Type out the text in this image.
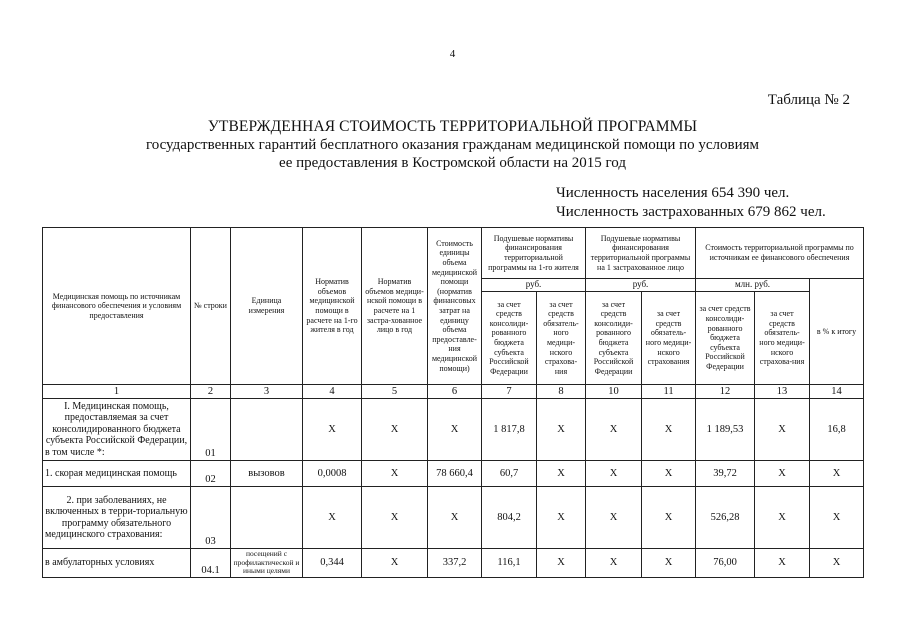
4
Таблица № 2
УТВЕРЖДЕННАЯ СТОИМОСТЬ ТЕРРИТОРИАЛЬНОЙ ПРОГРАММЫ
государственных гарантий бесплатного оказания гражданам медицинской помощи по условиям
ее предоставления в Костромской области на 2015 год
Численность населения 654 390 чел.
Численность застрахованных 679 862 чел.
Медицинская помощь по источникам финансового обеспечения и условиям предоставления	№ строки	Единица измерения	Норматив объемов медицинской помощи в расчете на 1-го жителя в год	Норматив объемов медици-нской помощи в расчете на 1 застра-хованное лицо в год	Стоимость единицы объема медицинской помощи (норматив финансовых затрат на единицу объема предоставле-ния медицинской помощи)	Подушевые нормативы финансирования территориальной программы на 1-го жителя		Подушевые нормативы финансирования территориальной программы на 1 застрахованное лицо		Стоимость территориальной программы по источникам ее финансового обеспечения		
						руб.		руб.		млн. руб.		в % к итогу
						за счет средств консолиди-рованного бюджета субъекта Российской Федерации	за счет средств обязатель-ного медици-нского страхова-ния	за счет средств консолиди-рованного бюджета субъекта Российской Федерации	за счет средств обязатель-ного медици-нского страхования	за счет средств консолиди-рованного бюджета субъекта Российской Федерации	за счет средств обязатель-ного медици-нского страхова-ния	
1	2	3	4	5	6	7	8	10	11	12	13	14
I. Медицинская помощь, предоставляемая за счет консолидированного бюджета субъекта Российской Федерации, в том числе *:	01		X	X	X	1 817,8	X	X	X	1 189,53	X	16,8
1. скорая медицинская помощь	02	вызовов	0,0008	X	78 660,4	60,7	X	X	X	39,72	X	X
2. при заболеваниях, не включенных в терри-ториальную программу обязательного медицинского страхования:	03		X	X	X	804,2	X	X	X	526,28	X	X
в амбулаторных условиях	04.1	посещений с профилактической и иными целями	0,344	X	337,2	116,1	X	X	X	76,00	X	X
